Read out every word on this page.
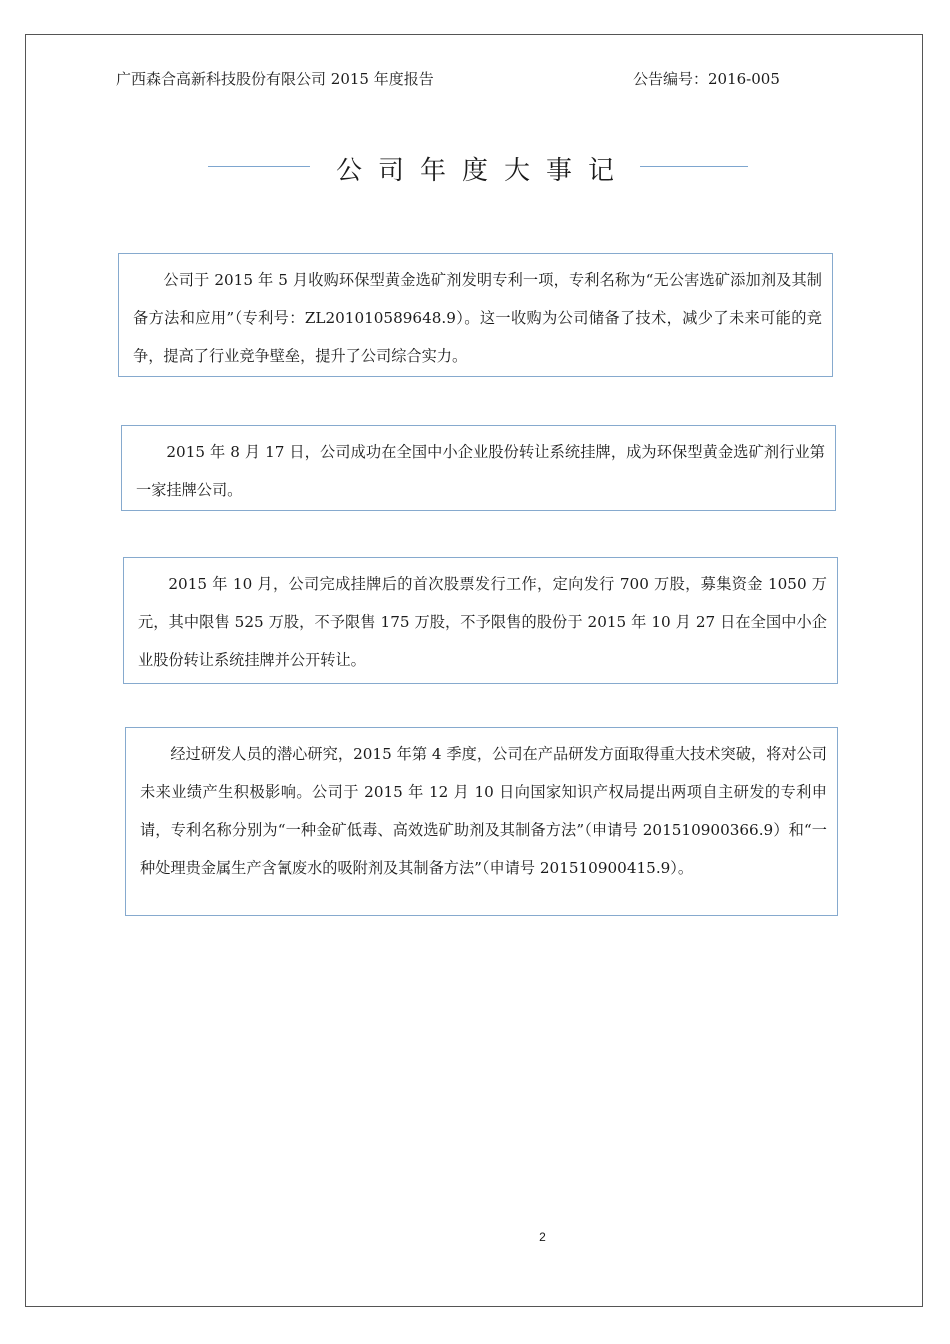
广西森合高新科技股份有限公司 2015 年度报告	公告编号：2016-005
公司年度大事记

公司于 2015 年 5 月收购环保型黄金选矿剂发明专利一项，专利名称为“无公害选矿添加剂及其制备方法和应用”（专利号：ZL201010589648.9）。这一收购为公司储备了技术，减少了未来可能的竞争，提高了行业竞争壁垒，提升了公司综合实力。

2015 年 8 月 17 日，公司成功在全国中小企业股份转让系统挂牌，成为环保型黄金选矿剂行业第一家挂牌公司。

2015 年 10 月，公司完成挂牌后的首次股票发行工作，定向发行 700 万股，募集资金 1050 万元，其中限售 525 万股，不予限售 175 万股，不予限售的股份于 2015 年 10 月 27 日在全国中小企业股份转让系统挂牌并公开转让。

经过研发人员的潜心研究，2015 年第 4 季度，公司在产品研发方面取得重大技术突破，将对公司未来业绩产生积极影响。公司于 2015 年 12 月 10 日向国家知识产权局提出两项自主研发的专利申请，专利名称分别为“一种金矿低毒、高效选矿助剂及其制备方法”（申请号 201510900366.9）和“一种处理贵金属生产含氰废水的吸附剂及其制备方法”（申请号 201510900415.9）。

2
